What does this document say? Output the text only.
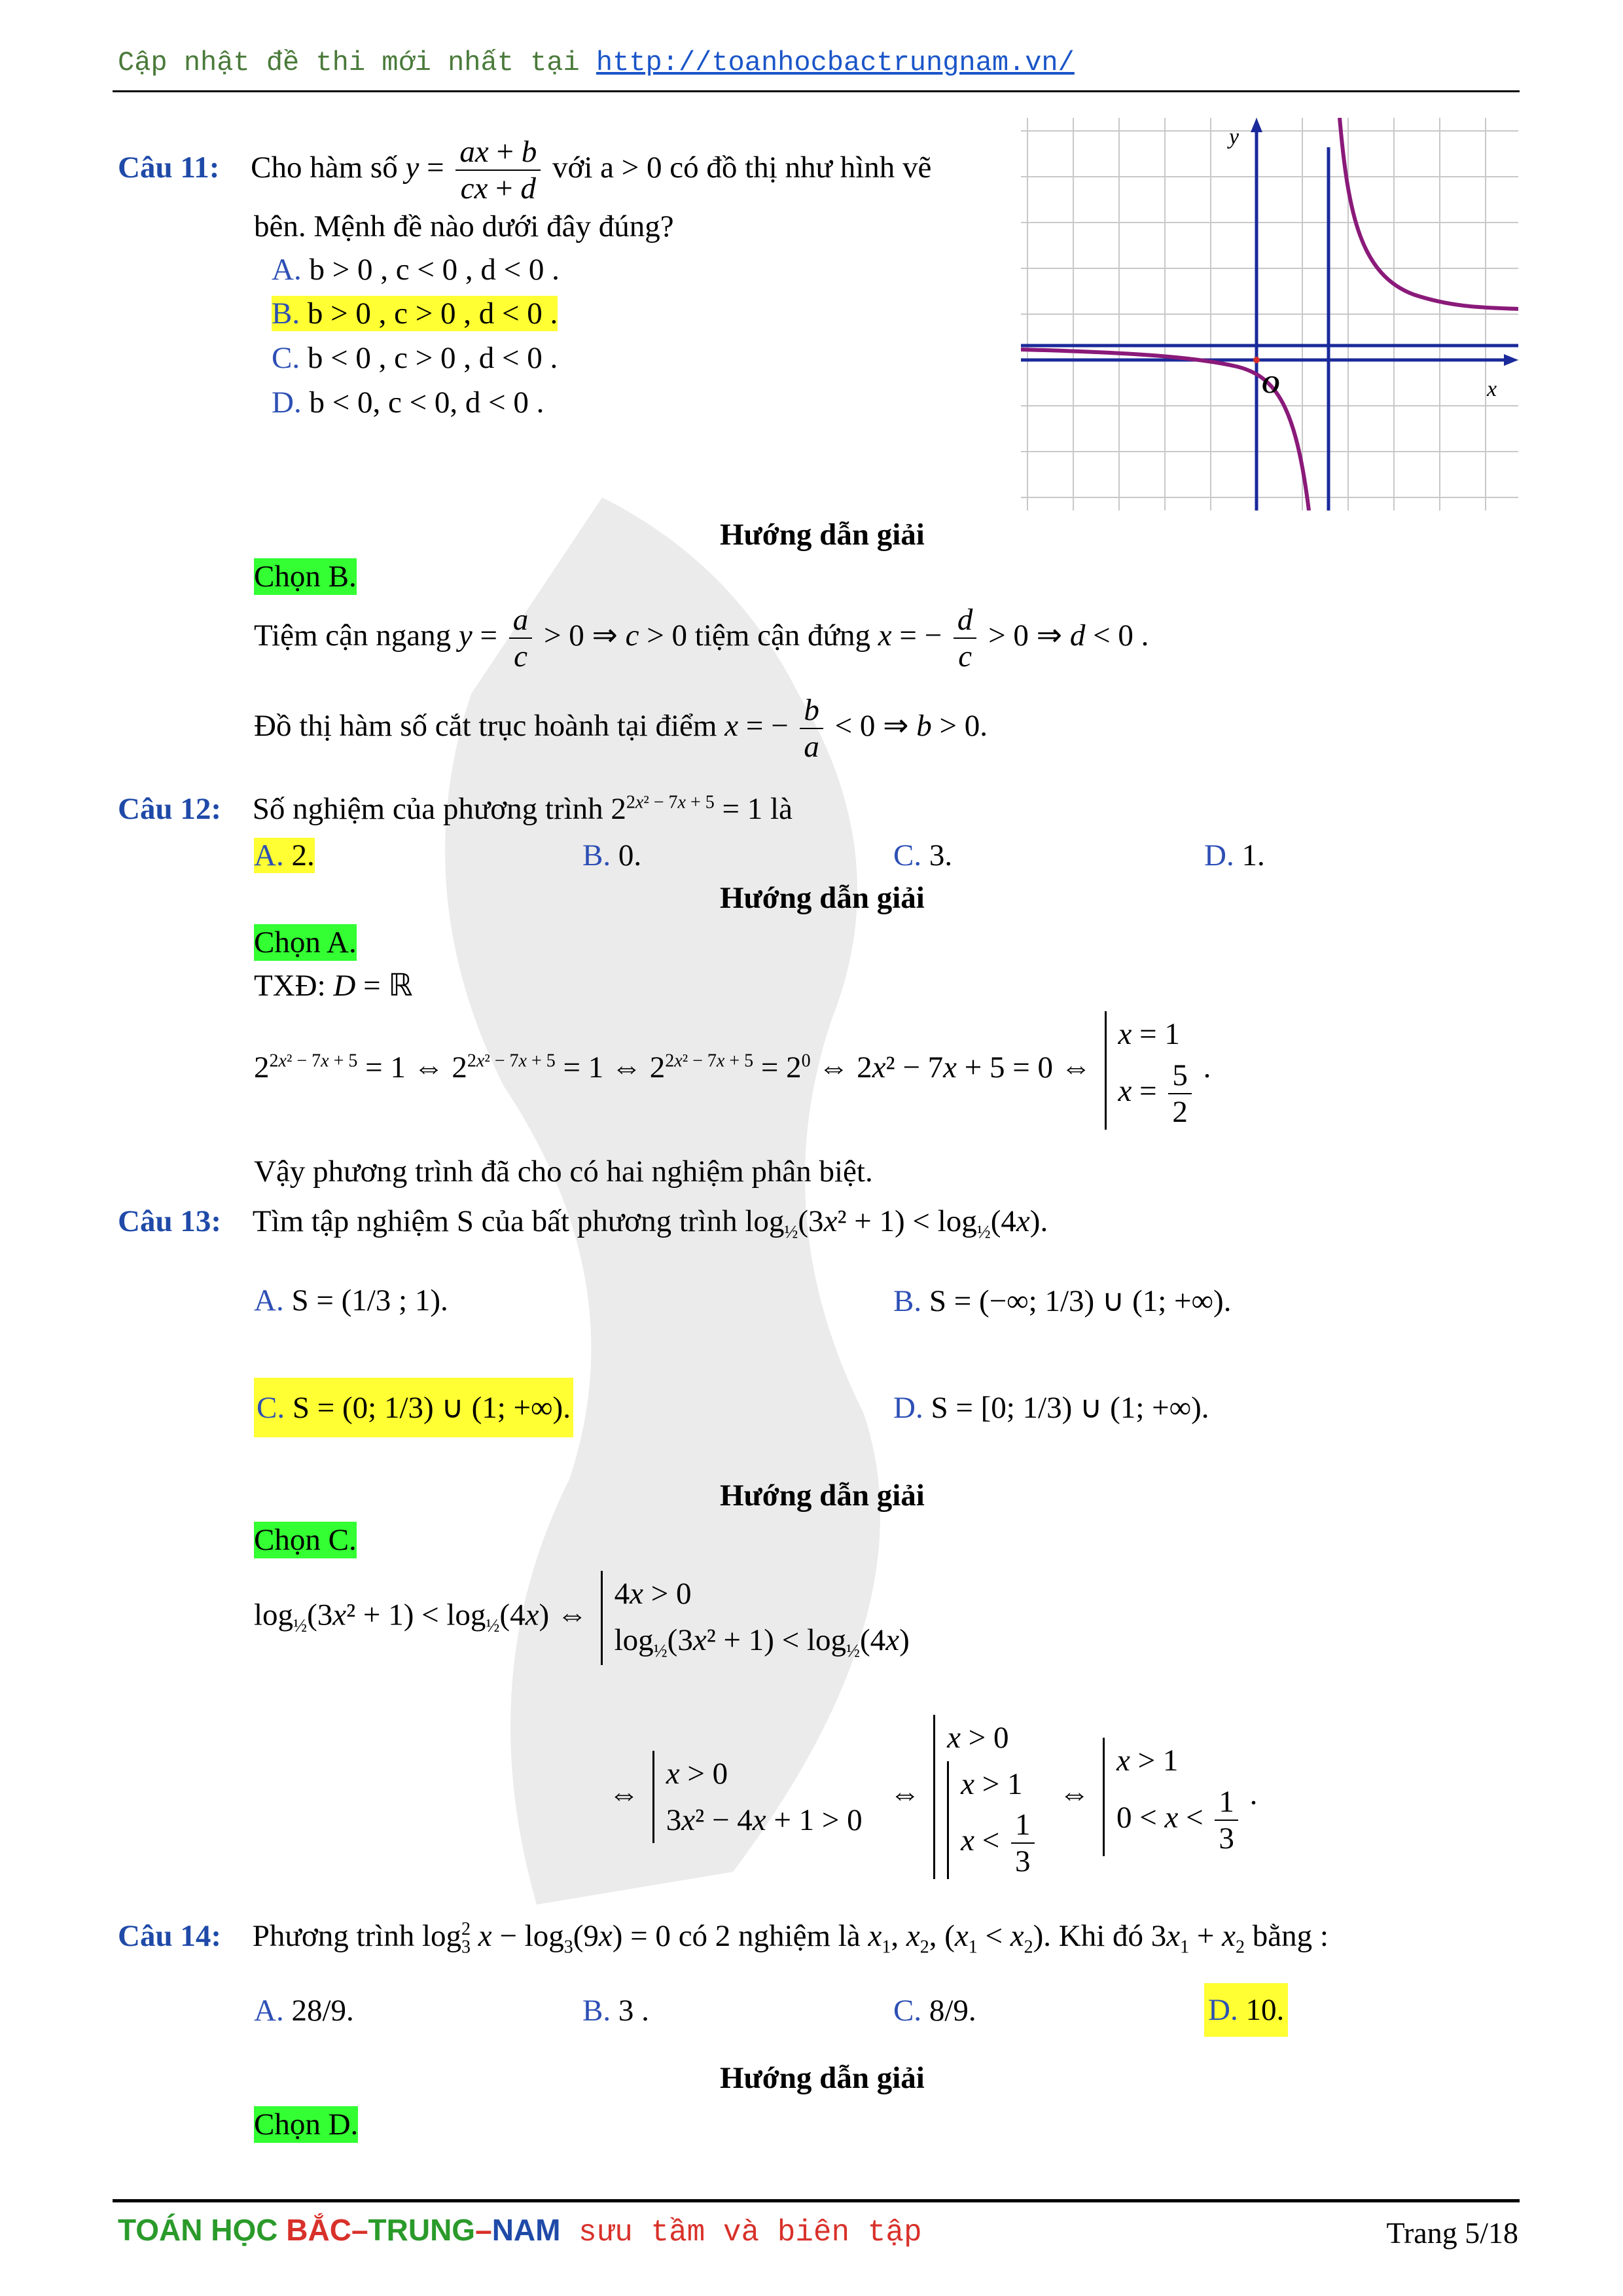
Cập nhật đề thi mới nhất tại http://toanhocbactrungnam.vn/
y
O	x
Câu 11: Cho hàm số $y = \frac{ax + b}{cx + d}$ với a > 0 có đồ thị như hình vẽ
bên. Mệnh đề nào dưới đây đúng?
A. b > 0 , c < 0 , d < 0 .
B. b > 0 , c > 0 , d < 0 .
C. b < 0 , c > 0 , d < 0 .
D. b < 0, c < 0, d < 0 .
Hướng dẫn giải
Chọn B.
Tiệm cận ngang $y = \frac{a}{c} > 0$ ⇒ c > 0 tiệm cận đứng x = − $\frac{d}{c} > 0$ ⇒ d < 0 .
Đồ thị hàm số cắt trục hoành tại điểm x = − $\frac{b}{a} < 0$ ⇒ b > 0.
Câu 12: Số nghiệm của phương trình $2^{2x^2 - 7x + 5} = 1$ là
A. 2.	B. 0.	C. 3.	D. 1.
Hướng dẫn giải
Chọn A.
TXĐ: D = ℝ
$2^{2x^2 - 7x + 5} = 1$ ⇔ $2^{2x^2 - 7x + 5} = 1$ ⇔ $2^{2x^2 - 7x + 5} = 2^0$ ⇔ 2x² − 7x + 5 = 0 ⇔
x = 1
$x = \frac{5}{2}$ .
Vậy phương trình đã cho có hai nghiệm phân biệt.
Câu 13: Tìm tập nghiệm S của bất phương trình $\log_{\frac{1}{2}}(3x^2 + 1) < \log_{\frac{1}{2}}(4x)$.
A. S = (1/3 ; 1).	B. S = (−∞; 1/3) ∪ (1; +∞).
C. S = (0; 1/3) ∪ (1; +∞).	D. S = [0; 1/3) ∪ (1; +∞).
Hướng dẫn giải
Chọn C.
$\log_{\frac{1}{2}}(3x^2 + 1) < \log_{\frac{1}{2}}(4x)$ ⇔
4x > 0
$\log_{\frac{1}{2}}(3x^2 + 1) < \log_{\frac{1}{2}}(4x)$
⇔
x > 0
3x² − 4x + 1 > 0
⇔
x > 0
x > 1
$x < \frac{1}{3}$
⇔
x > 1
$0 < x < \frac{1}{3}$ .
Câu 14: Phương trình $\log_3^2 x - \log_3(9x) = 0$ có 2 nghiệm là $x_1$, $x_2$, $(x_1 < x_2)$. Khi đó $3x_1 + x_2$ bằng :
A. 28/9.	B. 3 .	C. 8/9.	D. 10.
Hướng dẫn giải
Chọn D.
TOÁN HỌC BẮC–TRUNG–NAM sưu tầm và biên tập	Trang 5/18
